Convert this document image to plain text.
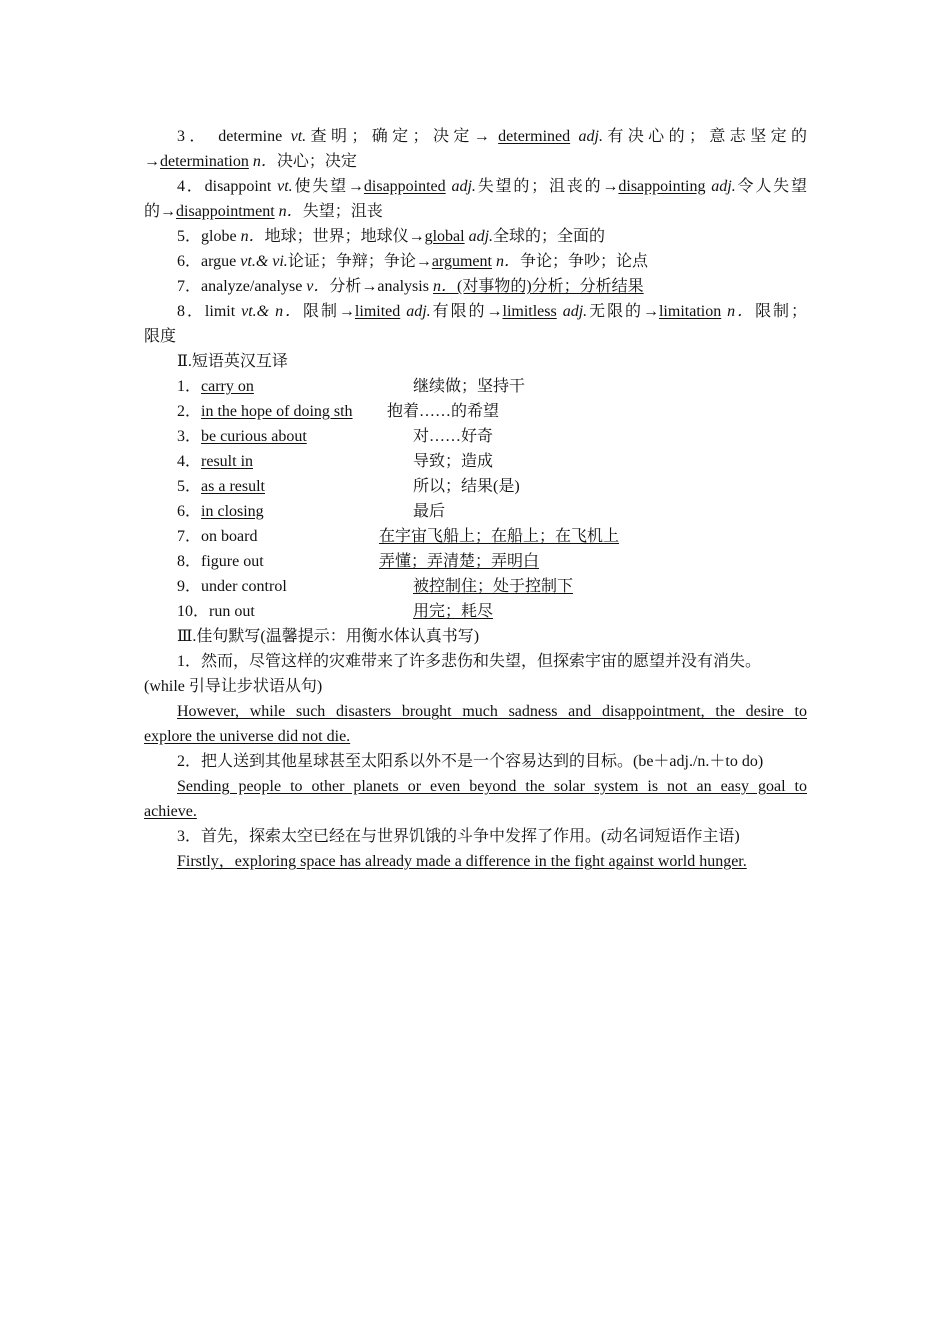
3． determine vt.查明；确定；决定→ determined adj.有决心的；意志坚定的
→determination n．决心；决定
4．disappoint vt.使失望→disappointed adj.失望的；沮丧的→disappointing adj.令人失望
的→disappointment n．失望；沮丧
5．globe n．地球；世界；地球仪→global adj.全球的；全面的
6．argue vt.& vi.论证；争辩；争论→argument n．争论；争吵；论点
7．analyze/analyse v．分析→analysis n．(对事物的)分析；分析结果
8．limit vt.& n．限制→limited adj.有限的→limitless adj.无限的→limitation n．限制；
限度
Ⅱ.短语英汉互译
1．carry on	继续做；坚持干
2．in the hope of doing sth 抱着……的希望
3．be curious about	对……好奇
4．result in	导致；造成
5．as a result	所以；结果(是)
6．in closing	最后
7．on board	在宇宙飞船上；在船上；在飞机上
8．figure out	弄懂；弄清楚；弄明白
9．under control	被控制住；处于控制下
10．run out	用完；耗尽
Ⅲ.佳句默写(温馨提示：用衡水体认真书写)
1．然而，尽管这样的灾难带来了许多悲伤和失望，但探索宇宙的愿望并没有消失。
(while 引导让步状语从句)
However, while such disasters brought much sadness and disappointment, the desire to
explore the universe did not die.
2．把人送到其他星球甚至太阳系以外不是一个容易达到的目标。(be＋adj./n.＋to do)
Sending people to other planets or even beyond the solar system is not an easy goal to
achieve.
3．首先，探索太空已经在与世界饥饿的斗争中发挥了作用。(动名词短语作主语)
Firstly，exploring space has already made a difference in the fight against world hunger.
